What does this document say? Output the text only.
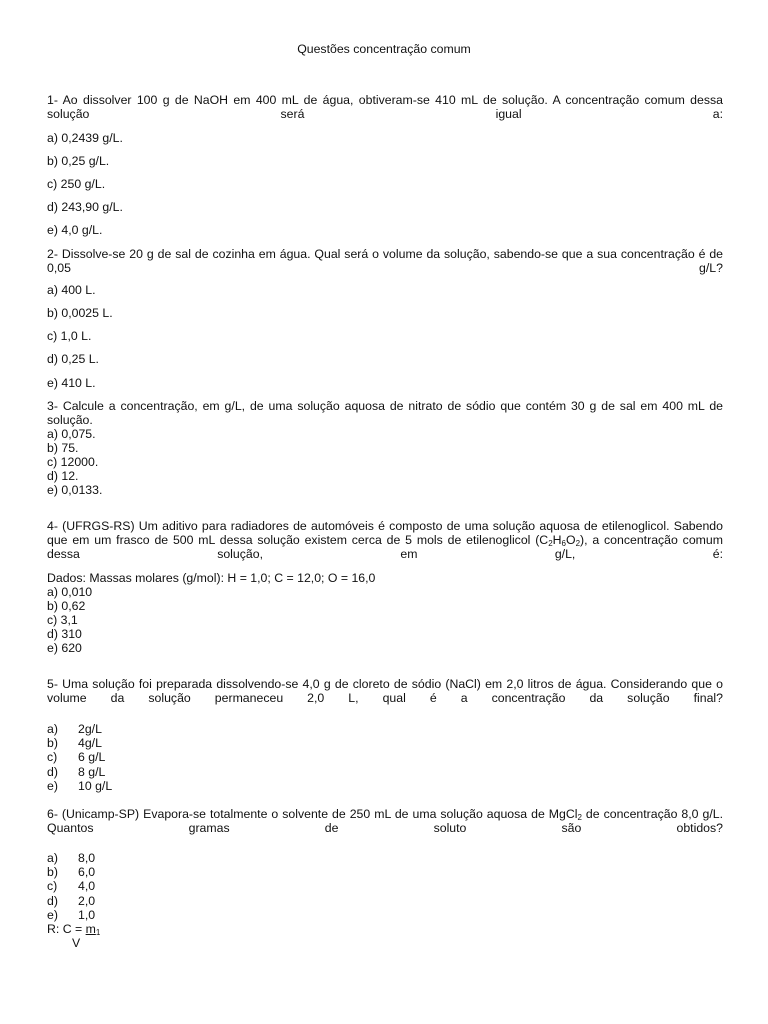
Questões concentração comum
1- Ao dissolver 100 g de NaOH em 400 mL de água, obtiveram-se 410 mL de solução. A concentração comum dessa solução será igual a:
a) 0,2439 g/L.
b) 0,25 g/L.
c) 250 g/L.
d) 243,90 g/L.
e) 4,0 g/L.
2- Dissolve-se 20 g de sal de cozinha em água. Qual será o volume da solução, sabendo-se que a sua concentração é de 0,05 g/L?
a) 400 L.
b) 0,0025 L.
c) 1,0 L.
d) 0,25 L.
e) 410 L.
3- Calcule a concentração, em g/L, de uma solução aquosa de nitrato de sódio que contém 30 g de sal em 400 mL de solução.
a) 0,075.
b) 75.
c) 12000.
d) 12.
e) 0,0133.
4- (UFRGS-RS) Um aditivo para radiadores de automóveis é composto de uma solução aquosa de etilenoglicol. Sabendo que em um frasco de 500 mL dessa solução existem cerca de 5 mols de etilenoglicol $(C_2H_6O_2)$, a concentração comum dessa solução, em g/L, é:
Dados: Massas molares (g/mol): H = 1,0; C = 12,0; O = 16,0
a) 0,010
b) 0,62
c) 3,1
d) 310
e) 620
5- Uma solução foi preparada dissolvendo-se 4,0 g de cloreto de sódio (NaCl) em 2,0 litros de água. Considerando que o volume da solução permaneceu 2,0 L, qual é a concentração da solução final?
a) 2g/L
b) 4g/L
c) 6 g/L
d) 8 g/L
e) 10 g/L
6- (Unicamp-SP) Evapora-se totalmente o solvente de 250 mL de uma solução aquosa de MgCl$_2$ de concentração 8,0 g/L. Quantos gramas de soluto são obtidos?
a) 8,0
b) 6,0
c) 4,0
d) 2,0
e) 1,0
R: $C = m_1$
V
